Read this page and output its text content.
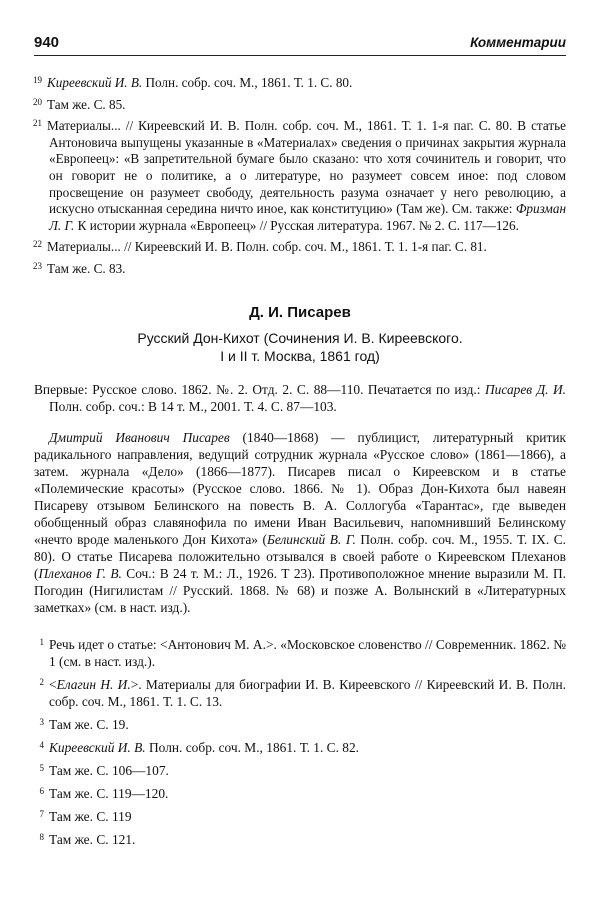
940	Комментарии

19 Киреевский И. В. Полн. собр. соч. М., 1861. Т. 1. С. 80.

20 Там же. С. 85.

21 Материалы... // Киреевский И. В. Полн. собр. соч. М., 1861. Т. 1. 1-я паг. С. 80. В статье Антоновича выпущены указанные в «Материалах» сведения о причинах закрытия журнала «Европеец»: «В запретительной бумаге было сказано: что хотя сочинитель и говорит, что он говорит не о политике, а о литературе, но разумеет совсем иное: под словом просвещение он разумеет свободу, деятельность разума означает у него революцию, а искусно отысканная середина ничто иное, как конституцию» (Там же). См. также: Фризман Л. Г. К истории журнала «Европеец» // Русская литература. 1967. № 2. С. 117—126.

22 Материалы... // Киреевский И. В. Полн. собр. соч. М., 1861. Т. 1. 1-я паг. С. 81.

23 Там же. С. 83.

Д. И. Писарев
Русский Дон-Кихот (Сочинения И. В. Киреевского.
I и II т. Москва, 1861 год)

Впервые: Русское слово. 1862. №. 2. Отд. 2. С. 88—110. Печатается по изд.: Писарев Д. И. Полн. собр. соч.: В 14 т. М., 2001. Т. 4. С. 87—103.

Дмитрий Иванович Писарев (1840—1868) — публицист, литературный критик радикального направления, ведущий сотрудник журнала «Русское слово» (1861—1866), а затем. журнала «Дело» (1866—1877). Писарев писал о Киреевском и в статье «Полемические красоты» (Русское слово. 1866. № 1). Образ Дон-Кихота был навеян Писареву отзывом Белинского на повесть В. А. Соллогуба «Тарантас», где выведен обобщенный образ славянофила по имени Иван Васильевич, напомнивший Белинскому «нечто вроде маленького Дон Кихота» (Белинский В. Г. Полн. собр. соч. М., 1955. Т. IX. С. 80). О статье Писарева положительно отзывался в своей работе о Киреевском Плеханов (Плеханов Г. В. Соч.: В 24 т. М.: Л., 1926. Т 23). Противоположное мнение выразили М. П. Погодин (Нигилистам // Русский. 1868. № 68) и позже А. Волынский в «Литературных заметках» (см. в наст. изд.).

1 Речь идет о статье: <Антонович М. А.>. «Московское словенство // Современник. 1862. № 1 (см. в наст. изд.).

2 <Елагин Н. И.>. Материалы для биографии И. В. Киреевского // Киреевский И. В. Полн. собр. соч. М., 1861. Т. 1. С. 13.

3 Там же. С. 19.

4 Киреевский И. В. Полн. собр. соч. М., 1861. Т. 1. С. 82.

5 Там же. С. 106—107.

6 Там же. С. 119—120.

7 Там же. С. 119

8 Там же. С. 121.
